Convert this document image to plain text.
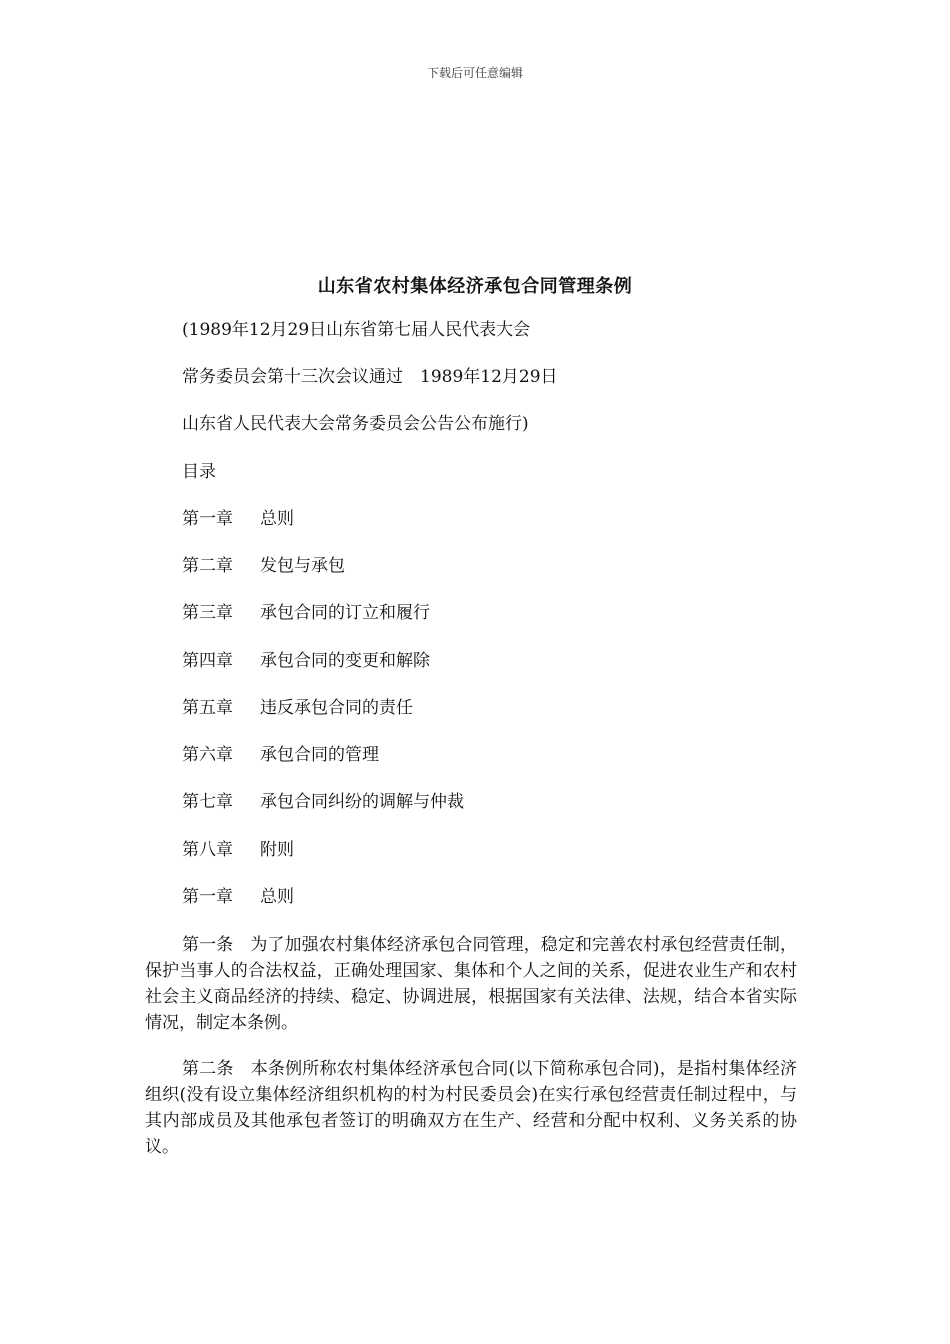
下载后可任意编辑
山东省农村集体经济承包合同管理条例
(1989年12月29日山东省第七届人民代表大会
常务委员会第十三次会议通过　1989年12月29日
山东省人民代表大会常务委员会公告公布施行)
目录
第一章 总则
第二章 发包与承包
第三章 承包合同的订立和履行
第四章 承包合同的变更和解除
第五章 违反承包合同的责任
第六章 承包合同的管理
第七章 承包合同纠纷的调解与仲裁
第八章 附则
第一章 总则
第一条　为了加强农村集体经济承包合同管理，稳定和完善农村承包经营责任制，保护当事人的合法权益，正确处理国家、集体和个人之间的关系，促进农业生产和农村社会主义商品经济的持续、稳定、协调进展，根据国家有关法律、法规，结合本省实际情况，制定本条例。
第二条　本条例所称农村集体经济承包合同(以下简称承包合同)，是指村集体经济组织(没有设立集体经济组织机构的村为村民委员会)在实行承包经营责任制过程中，与其内部成员及其他承包者签订的明确双方在生产、经营和分配中权利、义务关系的协议。
